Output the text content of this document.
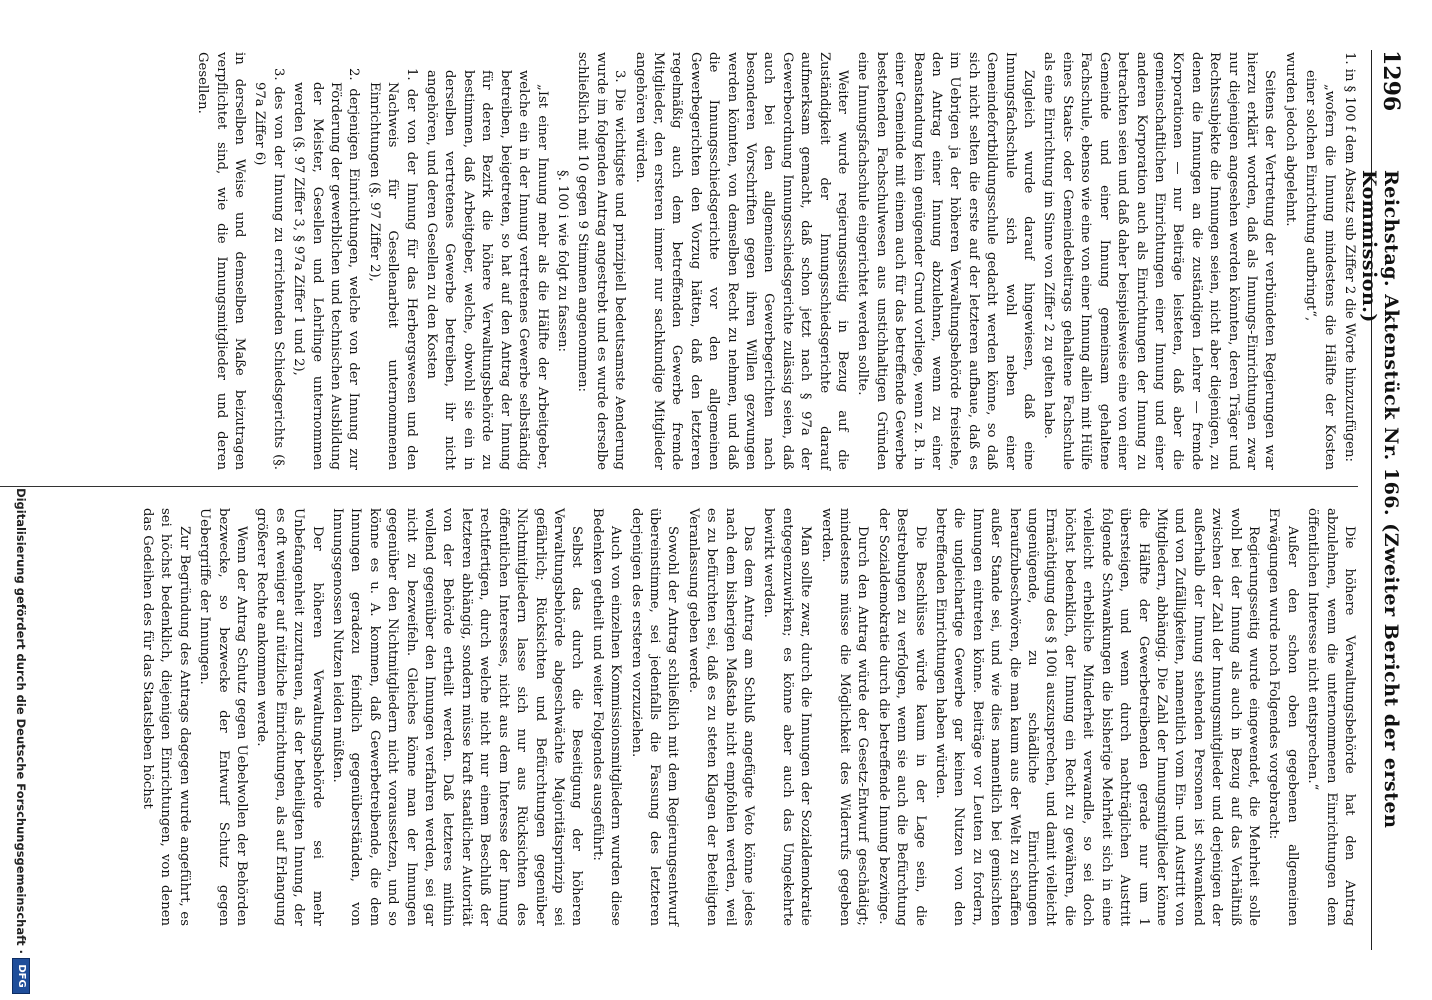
1296
Reichstag. Aktenstück Nr. 166. (Zweiter Bericht der ersten Kommission.)

1. in § 100 f dem Absatz sub Ziffer 2 die Worte hinzuzufügen:

„wofern die Innung mindestens die Hälfte der Kosten einer solchen Einrichtung aufbringt“,

wurden jedoch abgelehnt.

Seitens der Vertretung der verbündeten Regierungen war hierzu erklärt worden, daß als Innungs-Einrichtungen zwar nur diejenigen angesehen werden könnten, deren Träger und Rechtssubjekte die Innungen seien, nicht aber diejenigen, zu denen die Innungen an die zuständigen Lehrer — fremde Korporationen — nur Beiträge leisteten, daß aber die gemeinschaftlichen Einrichtungen einer Innung und einer anderen Korporation auch als Einrichtungen der Innung zu betrachten seien und daß daher beispielsweise eine von einer Gemeinde und einer Innung gemeinsam gehaltene Fachschule, ebenso wie eine von einer Innung allein mit Hülfe eines Staats- oder Gemeindebeitrags gehaltene Fachschule als eine Einrichtung im Sinne von Ziffer 2 zu gelten habe.

Zugleich wurde darauf hingewiesen, daß eine Innungsfachschule sich wohl neben einer Gemeindefortbildungsschule gedacht werden könne, so daß sich nicht selten die erste auf der letzteren aufbaue, daß es im Uebrigen ja der höheren Verwaltungsbehörde freistehe, den Antrag einer Innung abzulehnen, wenn zu einer Beanstandung kein genügender Grund vorliege, wenn z. B. in einer Gemeinde mit einem auch für das betreffende Gewerbe bestehenden Fachschulwesen aus unstichhaltigen Gründen eine Innungsfachschule eingerichtet werden sollte.

Weiter wurde regierungsseitig in Bezug auf die Zuständigkeit der Innungsschiedsgerichte darauf aufmerksam gemacht, daß schon jetzt nach § 97a der Gewerbeordnung Innungsschiedsgerichte zulässig seien, daß auch bei den allgemeinen Gewerbegerichten nach besonderen Vorschriften gegen ihren Willen gezwungen werden könnten, von demselben Recht zu nehmen, und daß die Innungsschiedsgerichte vor den allgemeinen Gewerbegerichten den Vorzug hätten, daß den letzteren regelmäßig auch dem betreffenden Gewerbe fremde Mitglieder, den ersteren immer nur sachkundige Mitglieder angehören würden.

3. Die wichtigste und prinzipiell bedeutsamste Aenderung wurde im folgenden Antrag angestrebt und es wurde derselbe schließlich mit 10 gegen 9 Stimmen angenommen:

§. 100 i wie folgt zu fassen:

„Ist einer Innung mehr als die Hälfte der Arbeitgeber, welche ein in der Innung vertretenes Gewerbe selbständig betreiben, beigetreten, so hat auf den Antrag der Innung für deren Bezirk die höhere Verwaltungsbehörde zu bestimmen, daß Arbeitgeber, welche, obwohl sie ein in derselben vertretenes Gewerbe betreiben, ihr nicht angehören, und deren Gesellen zu den Kosten

1. der von der Innung für das Herbergswesen und den Nachweis für Gesellenarbeit unternommenen Einrichtungen (§. 97 Ziffer 2),

2. derjenigen Einrichtungen, welche von der Innung zur Förderung der gewerblichen und technischen Ausbildung der Meister, Gesellen und Lehrlinge unternommen werden (§. 97 Ziffer 3, § 97a Ziffer 1 und 2),

3. des von der Innung zu errichtenden Schiedsgerichts (§. 97a Ziffer 6)

in derselben Weise und demselben Maße beizutragen verpflichtet sind, wie die Innungsmitglieder und deren Gesellen.

Die höhere Verwaltungsbehörde hat den Antrag abzulehnen, wenn die unternommenen Einrichtungen dem öffentlichen Interesse nicht entsprechen.“

Außer den schon oben gegebenen allgemeinen Erwägungen wurde noch Folgendes vorgebracht:

Regierungsseitig wurde eingewendet, die Mehrheit solle wohl bei der Innung als auch in Bezug auf das Verhältniß zwischen der Zahl der Innungsmitglieder und derjenigen der außerhalb der Innung stehenden Personen ist schwankend und von Zufälligkeiten, namentlich vom Ein- und Austritt von Mitgliedern, abhängig. Die Zahl der Innungsmitglieder könne die Hälfte der Gewerbetreibenden gerade nur um 1 übersteigen, und wenn durch nachträglichen Austritt folgende Schwankungen die bisherige Mehrheit sich in eine vielleicht erhebliche Minderheit verwandle, so sei doch höchst bedenklich, der Innung ein Recht zu gewähren, die Ermächtigung des § 100i auszusprechen, und damit vielleicht ungenügende, zu schädliche Einrichtungen heraufzubeschwören, die man kaum aus der Welt zu schaffen außer Stande sei, und wie dies namentlich bei gemischten Innungen eintreten könne. Beiträge vor Leuten zu fordern, die ungleichartige Gewerbe gar keinen Nutzen von den betreffenden Einrichtungen haben würden.

Die Beschlüsse würde kaum in der Lage sein, die Bestrebungen zu verfolgen, wenn sie auch die Befürchtung der Sozialdemokratie durch die betreffende Innung bezwinge.

Durch den Antrag würde der Gesetz-Entwurf geschädigt; mindestens müsse die Möglichkeit des Widerrufs gegeben werden.

Man sollte zwar, durch die Innungen der Sozialdemokratie entgegenzuwirken; es könne aber auch das Umgekehrte bewirkt werden.

Das dem Antrag am Schluß angefügte Veto könne jedes nach dem bisherigen Maßstab nicht empfohlen werden, weil es zu befürchten sei, daß es zu steten Klagen der Beteiligten Veranlassung geben werde.

Sowohl der Antrag schließlich mit dem Regierungsentwurf übereinstimme, sei jedenfalls die Fassung des letzteren derjenigen des ersteren vorzuziehen.

Auch von einzelnen Kommissionsmitgliedern wurden diese Bedenken getheilt und weiter Folgendes ausgeführt:

Selbst das durch die Beseitigung der höheren Verwaltungsbehörde abgeschwächte Majoritätsprinzip sei gefährlich; Rücksichten und Befürchtungen gegenüber Nichtmitgliedern lasse sich nur aus Rücksichten des öffentlichen Interesses, nicht aus dem Interesse der Innung rechtfertigen, durch welche nicht nur einem Beschluß der letzteren abhängig, sondern müsse kraft staatlicher Autorität von der Behörde ertheilt werden. Daß letzteres mithin wollend gegenüber den Innungen verfahren werden, sei gar nicht zu bezweifeln. Gleiches könne man der Innungen gegenüber den Nichtmitgliedern nicht voraussetzen, und so könne es u. A. kommen, daß Gewerbetreibende, die dem Innungen geradezu feindlich gegenüberständen, von Innungsgenossen Nutzen leiden müßten.

Der höheren Verwaltungsbehörde sei mehr Unbefangenheit zuzutrauen, als der betheiligten Innung, der es oft weniger auf nützliche Einrichtungen, als auf Erlangung größerer Rechte ankommen werde.

Wenn der Antrag Schutz gegen Uebelwollen der Behörden bezwecke, so bezwecke der Entwurf Schutz gegen Uebergriffe der Innungen.

Zur Begründung des Antrags dagegen wurde angeführt, es sei höchst bedenklich, diejenigen Einrichtungen, von denen das Gedeihen des für das Staatsleben höchst

Digitalisierung gefördert durch die Deutsche Forschungsgemeinschaft ·
DFG
